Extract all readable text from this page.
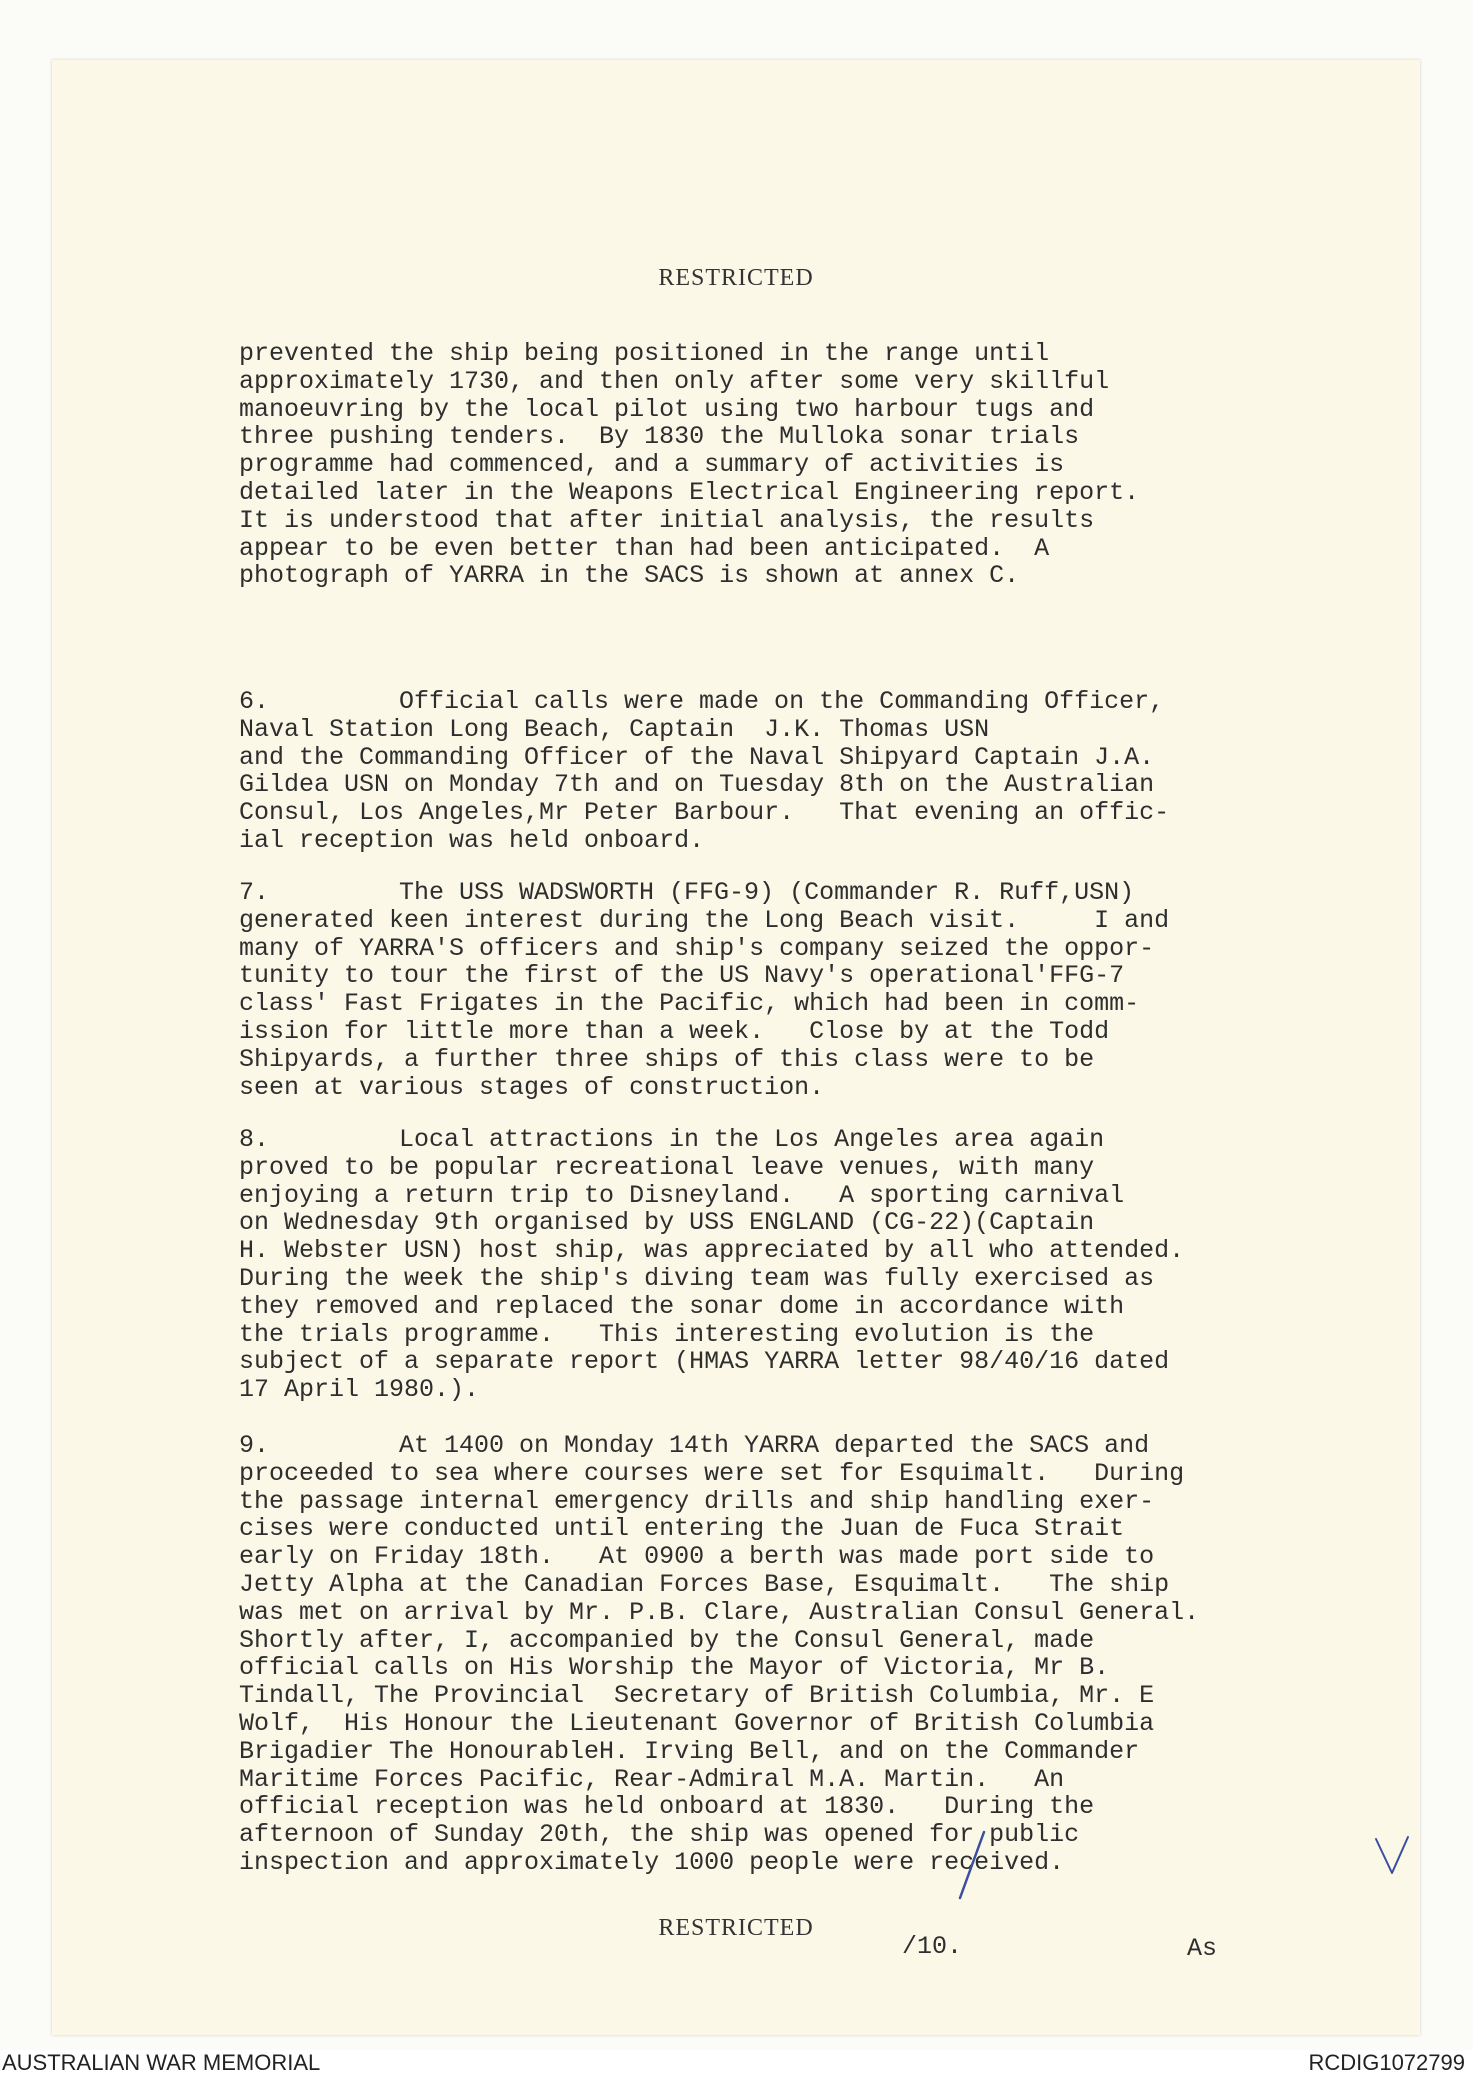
RESTRICTED
prevented the ship being positioned in the range until
approximately 1730, and then only after some very skillful
manoeuvring by the local pilot using two harbour tugs and
three pushing tenders.  By 1830 the Mulloka sonar trials
programme had commenced, and a summary of activities is
detailed later in the Weapons Electrical Engineering report.
It is understood that after initial analysis, the results
appear to be even better than had been anticipated.  A
photograph of YARRA in the SACS is shown at annex C.
6.	Official calls were made on the Commanding Officer,
Naval Station Long Beach, Captain  J.K. Thomas USN
and the Commanding Officer of the Naval Shipyard Captain J.A.
Gildea USN on Monday 7th and on Tuesday 8th on the Australian
Consul, Los Angeles,Mr Peter Barbour.   That evening an offic-
ial reception was held onboard.
7.	The USS WADSWORTH (FFG-9) (Commander R. Ruff,USN)
generated keen interest during the Long Beach visit.     I and
many of YARRA'S officers and ship's company seized the oppor-
tunity to tour the first of the US Navy's operational'FFG-7
class' Fast Frigates in the Pacific, which had been in comm-
ission for little more than a week.   Close by at the Todd
Shipyards, a further three ships of this class were to be
seen at various stages of construction.
8.	Local attractions in the Los Angeles area again
proved to be popular recreational leave venues, with many
enjoying a return trip to Disneyland.   A sporting carnival
on Wednesday 9th organised by USS ENGLAND (CG-22)(Captain
H. Webster USN) host ship, was appreciated by all who attended.
During the week the ship's diving team was fully exercised as
they removed and replaced the sonar dome in accordance with
the trials programme.   This interesting evolution is the
subject of a separate report (HMAS YARRA letter 98/40/16 dated
17 April 1980.).
9.	At 1400 on Monday 14th YARRA departed the SACS and
proceeded to sea where courses were set for Esquimalt.   During
the passage internal emergency drills and ship handling exer-
cises were conducted until entering the Juan de Fuca Strait
early on Friday 18th.   At 0900 a berth was made port side to
Jetty Alpha at the Canadian Forces Base, Esquimalt.   The ship
was met on arrival by Mr. P.B. Clare, Australian Consul General.
Shortly after, I, accompanied by the Consul General, made
official calls on His Worship the Mayor of Victoria, Mr B.
Tindall, The Provincial  Secretary of British Columbia, Mr. E
Wolf,  His Honour the Lieutenant Governor of British Columbia
Brigadier The HonourableH. Irving Bell, and on the Commander
Maritime Forces Pacific, Rear-Admiral M.A. Martin.   An
official reception was held onboard at 1830.   During the
afternoon of Sunday 20th, the ship was opened for public
inspection and approximately 1000 people were received.
/10.	As
RESTRICTED
AUSTRALIAN WAR MEMORIAL	RCDIG1072799
